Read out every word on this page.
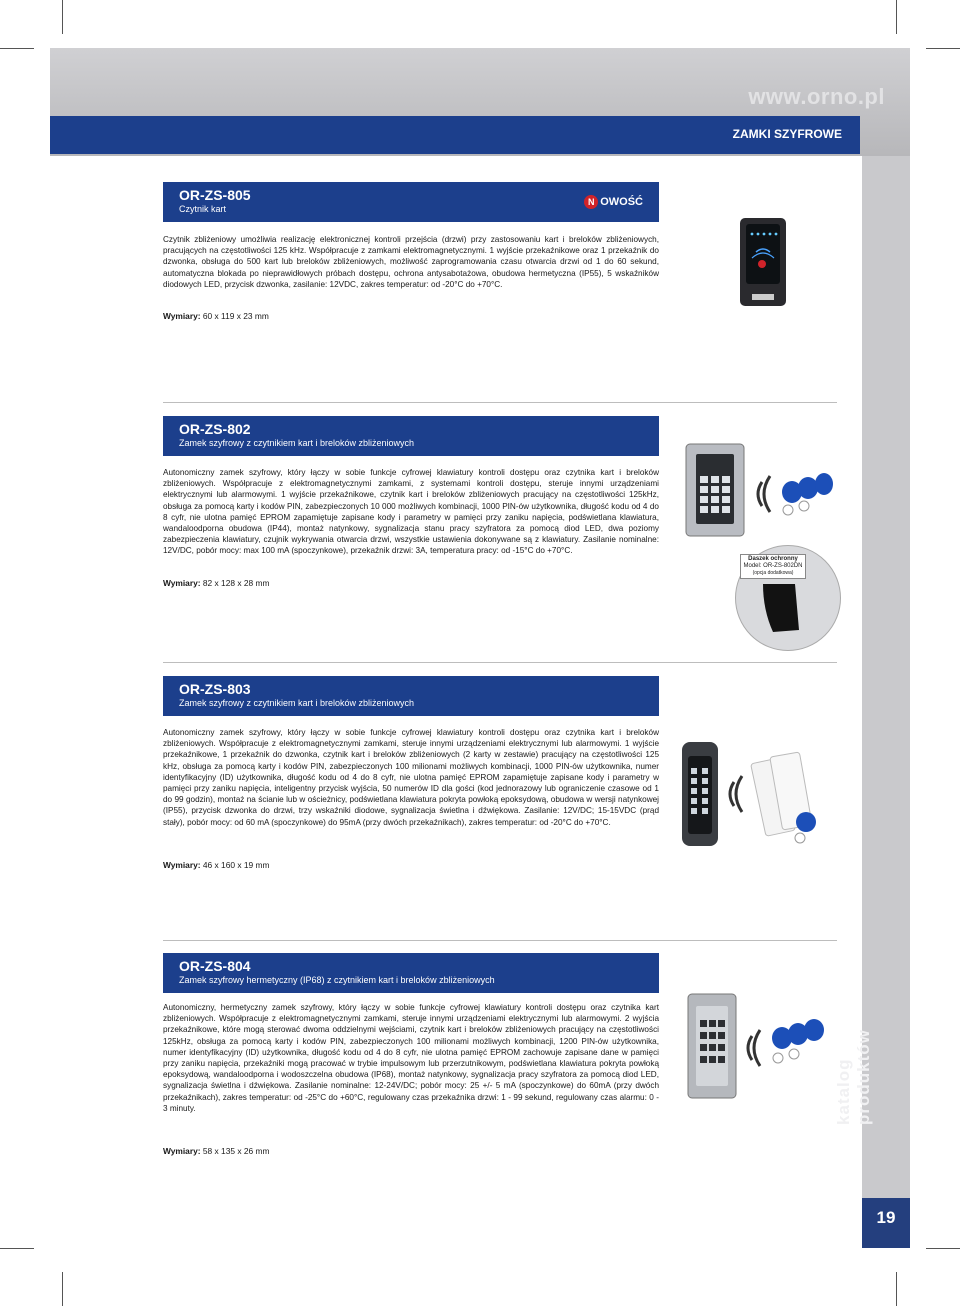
www.orno.pl
ZAMKI SZYFROWE
katalog produktów
19
OR-ZS-805
Czytnik kart
N OWOŚĆ
Czytnik zbliżeniowy umożliwia realizację elektronicznej kontroli przejścia (drzwi) przy zastosowaniu kart i breloków zbliżeniowych, pracujących na częstotliwości 125 kHz. Współpracuje z zamkami elektromagnetycznymi. 1 wyjście przekaźnikowe oraz 1 przekaźnik do dzwonka, obsługa do 500 kart lub breloków zbliżeniowych, możliwość zaprogramowania czasu otwarcia drzwi od 1 do 60 sekund, automatyczna blokada po nieprawidłowych próbach dostępu, ochrona antysabotażowa, obudowa hermetyczna (IP55), 5 wskaźników diodowych LED, przycisk dzwonka, zasilanie: 12VDC, zakres temperatur: od -20°C do +70°C.
Wymiary: 60 x 119 x 23 mm
OR-ZS-802
Zamek szyfrowy z czytnikiem kart i breloków zbliżeniowych
Autonomiczny zamek szyfrowy, który łączy w sobie funkcje cyfrowej klawiatury kontroli dostępu oraz czytnika kart i breloków zbliżeniowych. Współpracuje z elektromagnetycznymi zamkami, z systemami kontroli dostępu, steruje innymi urządzeniami elektrycznymi lub alarmowymi. 1 wyjście przekaźnikowe, czytnik kart i breloków zbliżeniowych pracujący na częstotliwości 125kHz, obsługa za pomocą karty i kodów PIN, zabezpieczonych 10 000 możliwych kombinacji, 1000 PIN-ów użytkownika, długość kodu od 4 do 8 cyfr, nie ulotna pamięć EPROM zapamiętuje zapisane kody i parametry w pamięci przy zaniku napięcia, podświetlana klawiatura, wandaloodporna obudowa (IP44), montaż natynkowy, sygnalizacja stanu pracy szyfratora za pomocą diod LED, dwa poziomy zabezpieczenia klawiatury, czujnik wykrywania otwarcia drzwi, wszystkie ustawienia dokonywane są z klawiatury. Zasilanie nominalne: 12V/DC, pobór mocy: max 100 mA (spoczynkowe), przekaźnik drzwi: 3A, temperatura pracy: od -15°C do +70°C.
Wymiary: 82 x 128 x 28 mm
Daszek ochronny
Model: OR-ZS-802DN
(opcja dodatkowa)
OR-ZS-803
Zamek szyfrowy z czytnikiem kart i breloków zbliżeniowych
Autonomiczny zamek szyfrowy, który łączy w sobie funkcje cyfrowej klawiatury kontroli dostępu oraz czytnika kart i breloków zbliżeniowych. Współpracuje z elektromagnetycznymi zamkami, steruje innymi urządzeniami elektrycznymi lub alarmowymi. 1 wyjście przekaźnikowe, 1 przekaźnik do dzwonka, czytnik kart i breloków zbliżeniowych (2 karty w zestawie) pracujący na częstotliwości 125 kHz, obsługa za pomocą karty i kodów PIN, zabezpieczonych 100 milionami możliwych kombinacji, 1000 PIN-ów użytkownika, numer identyfikacyjny (ID) użytkownika, długość kodu od 4 do 8 cyfr, nie ulotna pamięć EPROM zapamiętuje zapisane kody i parametry w pamięci przy zaniku napięcia, inteligentny przycisk wyjścia, 50 numerów ID dla gości (kod jednorazowy lub ograniczenie czasowe od 1 do 99 godzin), montaż na ścianie lub w ościeżnicy, podświetlana klawiatura pokryta powłoką epoksydową, obudowa w wersji natynkowej (IP55), przycisk dzwonka do drzwi, trzy wskaźniki diodowe, sygnalizacja świetlna i dźwiękowa. Zasilanie: 12V/DC; 15-15VDC (prąd stały), pobór mocy: od 60 mA (spoczynkowe) do 95mA (przy dwóch przekaźnikach), zakres temperatur: od -20°C do +70°C.
Wymiary: 46 x 160 x 19 mm
OR-ZS-804
Zamek szyfrowy hermetyczny (IP68) z czytnikiem kart i breloków zbliżeniowych
Autonomiczny, hermetyczny zamek szyfrowy, który łączy w sobie funkcje cyfrowej klawiatury kontroli dostępu oraz czytnika kart zbliżeniowych. Współpracuje z elektromagnetycznymi zamkami, steruje innymi urządzeniami elektrycznymi lub alarmowymi. 2 wyjścia przekaźnikowe, które mogą sterować dwoma oddzielnymi wejściami, czytnik kart i breloków zbliżeniowych pracujący na częstotliwości 125kHz, obsługa za pomocą karty i kodów PIN, zabezpieczonych 100 milionami możliwych kombinacji, 1200 PIN-ów użytkownika, numer identyfikacyjny (ID) użytkownika, długość kodu od 4 do 8 cyfr, nie ulotna pamięć EPROM zachowuje zapisane dane w pamięci przy zaniku napięcia, przekaźniki mogą pracować w trybie impulsowym lub przerzutnikowym, podświetlana klawiatura pokryta powłoką epoksydową, wandaloodporna i wodoszczelna obudowa (IP68), montaż natynkowy, sygnalizacja pracy szyfratora za pomocą diod LED, sygnalizacja świetlna i dźwiękowa. Zasilanie nominalne: 12-24V/DC; pobór mocy: 25 +/- 5 mA (spoczynkowe) do 60mA (przy dwóch przekaźnikach), zakres temperatur: od -25°C do +60°C, regulowany czas przekaźnika drzwi: 1 - 99 sekund, regulowany czas alarmu: 0 - 3 minuty.
Wymiary: 58 x 135 x 26 mm
